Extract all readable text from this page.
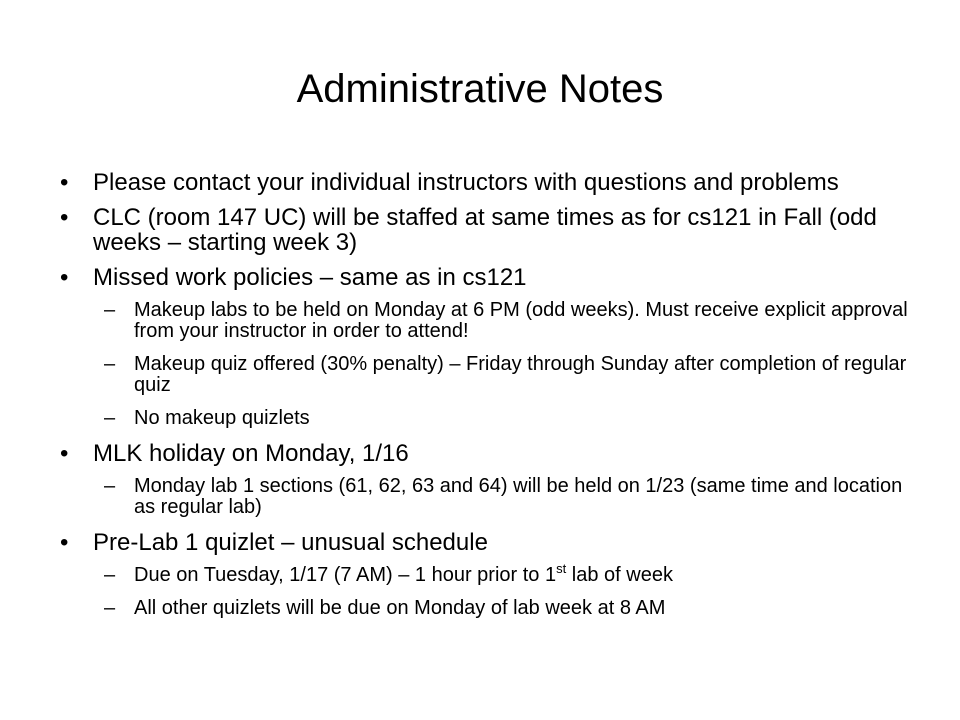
Administrative Notes
• Please contact your individual instructors with questions and problems
• CLC (room 147 UC) will be staffed at same times as for cs121 in Fall (odd weeks – starting week 3)
• Missed work policies – same as in cs121
– Makeup labs to be held on Monday at 6 PM (odd weeks). Must receive explicit approval from your instructor in order to attend!
– Makeup quiz offered (30% penalty) – Friday through Sunday after completion of regular quiz
– No makeup quizlets
• MLK holiday on Monday, 1/16
– Monday lab 1 sections (61, 62, 63 and 64) will be held on 1/23 (same time and location as regular lab)
• Pre-Lab 1 quizlet – unusual schedule
– Due on Tuesday, 1/17 (7 AM) – 1 hour prior to 1st lab of week
– All other quizlets will be due on Monday of lab week at 8 AM
